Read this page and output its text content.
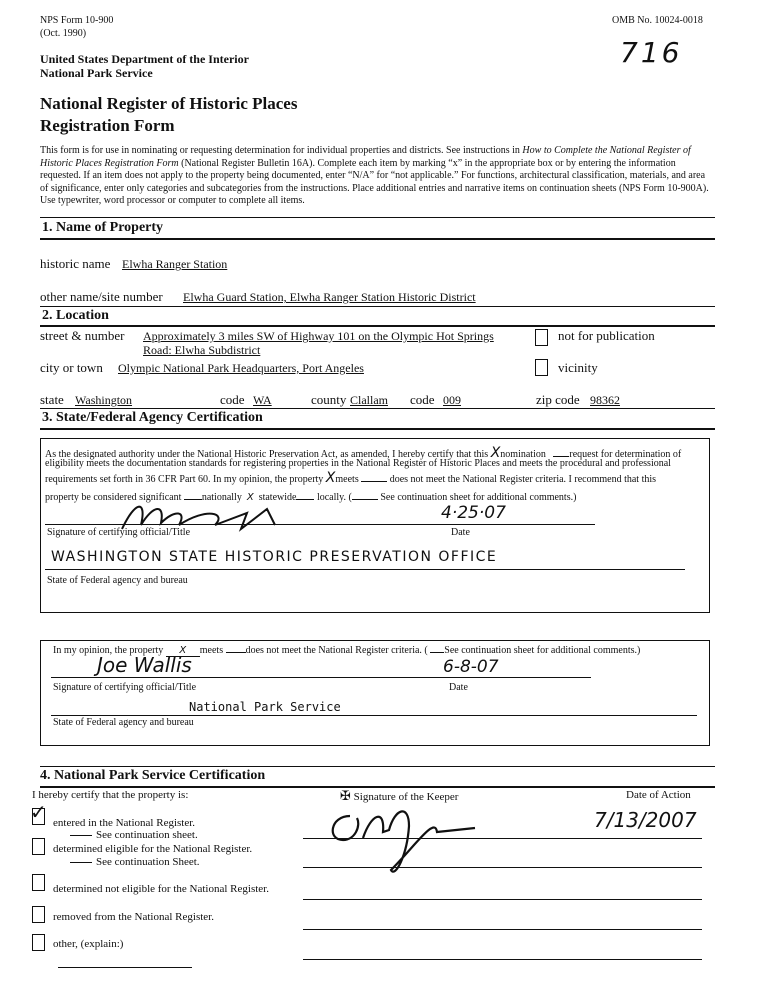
NPS Form 10-900
(Oct. 1990)
OMB No. 10024-0018
716
United States Department of the Interior
National Park Service
National Register of Historic Places
Registration Form
This form is for use in nominating or requesting determination for individual properties and districts. See instructions in How to Complete the National Register of Historic Places Registration Form (National Register Bulletin 16A). Complete each item by marking “x” in the appropriate box or by entering the information requested. If an item does not apply to the property being documented, enter “N/A” for “not applicable.” For functions, architectural classification, materials, and area of significance, enter only categories and subcategories from the instructions. Place additional entries and narrative items on continuation sheets (NPS Form 10-900A). Use typewriter, word processor or computer to complete all items.
1. Name of Property
historic name Elwha Ranger Station
other name/site number Elwha Guard Station, Elwha Ranger Station Historic District
2. Location
street & number Approximately 3 miles SW of Highway 101 on the Olympic Hot Springs
Road: Elwha Subdistrict
not for publication
city or town Olympic National Park Headquarters, Port Angeles	vicinity
state Washington	code WA	county Clallam code 009	zip code 98362
3. State/Federal Agency Certification
As the designated authority under the National Historic Preservation Act, as amended, I hereby certify that this Xnomination request for determination of
eligibility meets the documentation standards for registering properties in the National Register of Historic Places and meets the procedural and professional
requirements set forth in 36 CFR Part 60. In my opinion, the property Xmeets	does not meet the National Register criteria. I recommend that this
property be considered significant nationally X statewide locally. (	See continuation sheet for additional comments.)
4·25·07
Signature of certifying official/Title	Date
WASHINGTON STATE HISTORIC PRESERVATION OFFICE
State of Federal agency and bureau
In my opinion, the property X meets does not meet the National Register criteria. ( See continuation sheet for additional comments.)
Joe Wallis	6-8-07
Signature of certifying official/Title	Date
National Park Service
State of Federal agency and bureau
4. National Park Service Certification
I hereby certify that the property is:	✠ Signature of the Keeper	Date of Action
7/13/2007
✓ entered in the National Register.
See continuation sheet.
determined eligible for the National Register.
See continuation Sheet.
determined not eligible for the National Register.
removed from the National Register.
other, (explain:)
